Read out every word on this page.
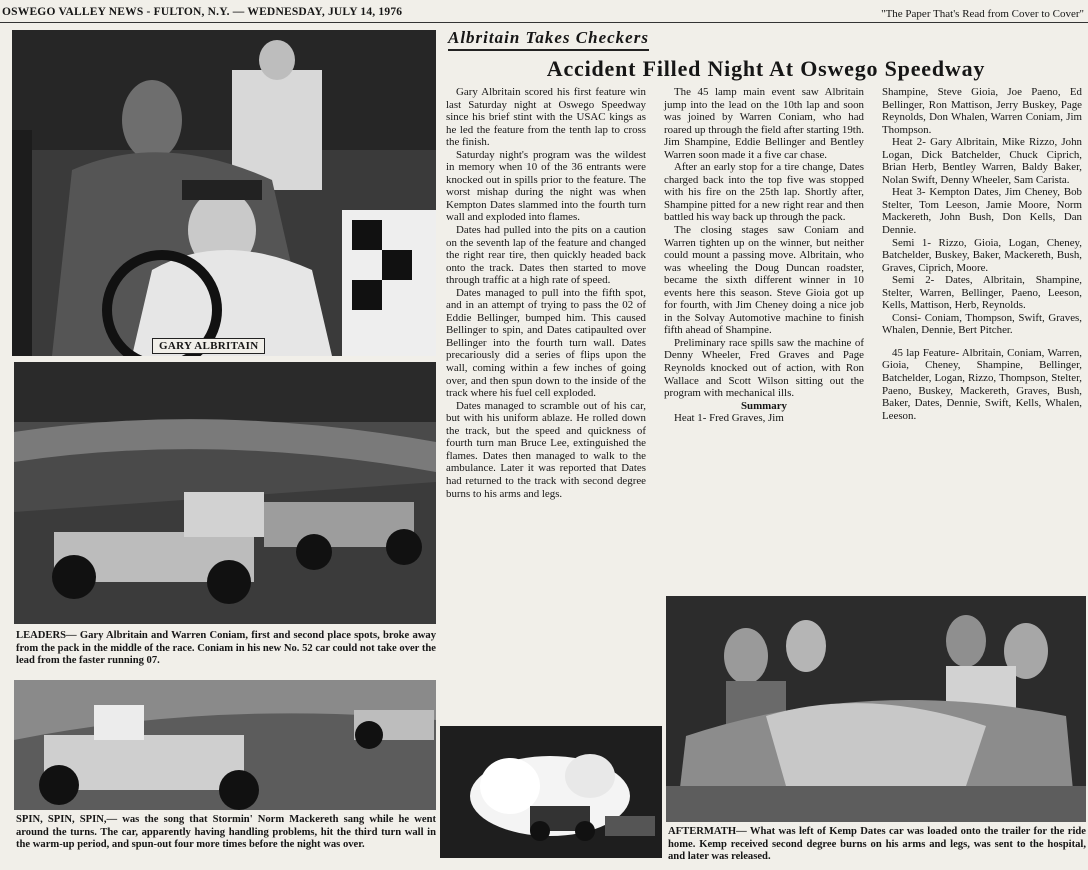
OSWEGO VALLEY NEWS - FULTON, N.Y. — WEDNESDAY, JULY 14, 1976	"The Paper That's Read from Cover to Cover"
GARY ALBRITAIN
LEADERS— Gary Albritain and Warren Coniam, first and second place spots, broke away from the pack in the middle of the race. Coniam in his new No. 52 car could not take over the lead from the faster running 07.
SPIN, SPIN, SPIN,— was the song that Stormin' Norm Mackereth sang while he went around the turns. The car, apparently having handling problems, hit the third turn wall in the warm-up period, and spun-out four more times before the night was over.
Albritain Takes Checkers
Accident Filled Night At Oswego Speedway

Gary Albritain scored his first feature win last Saturday night at Oswego Speedway since his brief stint with the USAC kings as he led the feature from the tenth lap to cross the finish.

Saturday night's program was the wildest in memory when 10 of the 36 entrants were knocked out in spills prior to the feature. The worst mishap during the night was when Kempton Dates slammed into the fourth turn wall and exploded into flames.

Dates had pulled into the pits on a caution on the seventh lap of the feature and changed the right rear tire, then quickly headed back onto the track. Dates then started to move through traffic at a high rate of speed.

Dates managed to pull into the fifth spot, and in an attempt of trying to pass the 02 of Eddie Bellinger, bumped him. This caused Bellinger to spin, and Dates catipaulted over Bellinger into the fourth turn wall. Dates precariously did a series of flips upon the wall, coming within a few inches of going over, and then spun down to the inside of the track where his fuel cell exploded.

Dates managed to scramble out of his car, but with his uniform ablaze. He rolled down the track, but the speed and quickness of fourth turn man Bruce Lee, extinguished the flames. Dates then managed to walk to the ambulance. Later it was reported that Dates had returned to the track with second degree burns to his arms and legs.

The 45 lamp main event saw Albritain jump into the lead on the 10th lap and soon was joined by Warren Coniam, who had roared up through the field after starting 19th. Jim Shampine, Eddie Bellinger and Bentley Warren soon made it a five car chase.

After an early stop for a tire change, Dates charged back into the top five was stopped with his fire on the 25th lap. Shortly after, Shampine pitted for a new right rear and then battled his way back up through the pack.

The closing stages saw Coniam and Warren tighten up on the winner, but neither could mount a passing move. Albritain, who was wheeling the Doug Duncan roadster, became the sixth different winner in 10 events here this season. Steve Gioia got up for fourth, with Jim Cheney doing a nice job in the Solvay Automotive machine to finish fifth ahead of Shampine.

Preliminary race spills saw the machine of Denny Wheeler, Fred Graves and Page Reynolds knocked out of action, with Ron Wallace and Scott Wilson sitting out the program with mechanical ills.

Summary

Heat 1- Fred Graves, Jim

Shampine, Steve Gioia, Joe Paeno, Ed Bellinger, Ron Mattison, Jerry Buskey, Page Reynolds, Don Whalen, Warren Coniam, Jim Thompson.

Heat 2- Gary Albritain, Mike Rizzo, John Logan, Dick Batchelder, Chuck Ciprich, Brian Herb, Bentley Warren, Baldy Baker, Nolan Swift, Denny Wheeler, Sam Carista.

Heat 3- Kempton Dates, Jim Cheney, Bob Stelter, Tom Leeson, Jamie Moore, Norm Mackereth, John Bush, Don Kells, Dan Dennie.

Semi 1- Rizzo, Gioia, Logan, Cheney, Batchelder, Buskey, Baker, Mackereth, Bush, Graves, Ciprich, Moore.

Semi 2- Dates, Albritain, Shampine, Stelter, Warren, Bellinger, Paeno, Leeson, Kells, Mattison, Herb, Reynolds.

Consi- Coniam, Thompson, Swift, Graves, Whalen, Dennie, Bert Pitcher.

45 lap Feature- Albritain, Coniam, Warren, Gioia, Cheney, Shampine, Bellinger, Batchelder, Logan, Rizzo, Thompson, Stelter, Paeno, Buskey, Mackereth, Graves, Bush, Baker, Dates, Dennie, Swift, Kells, Whalen, Leeson.

AFTERMATH— What was left of Kemp Dates car was loaded onto the trailer for the ride home. Kemp received second degree burns on his arms and legs, was sent to the hospital, and later was released.
